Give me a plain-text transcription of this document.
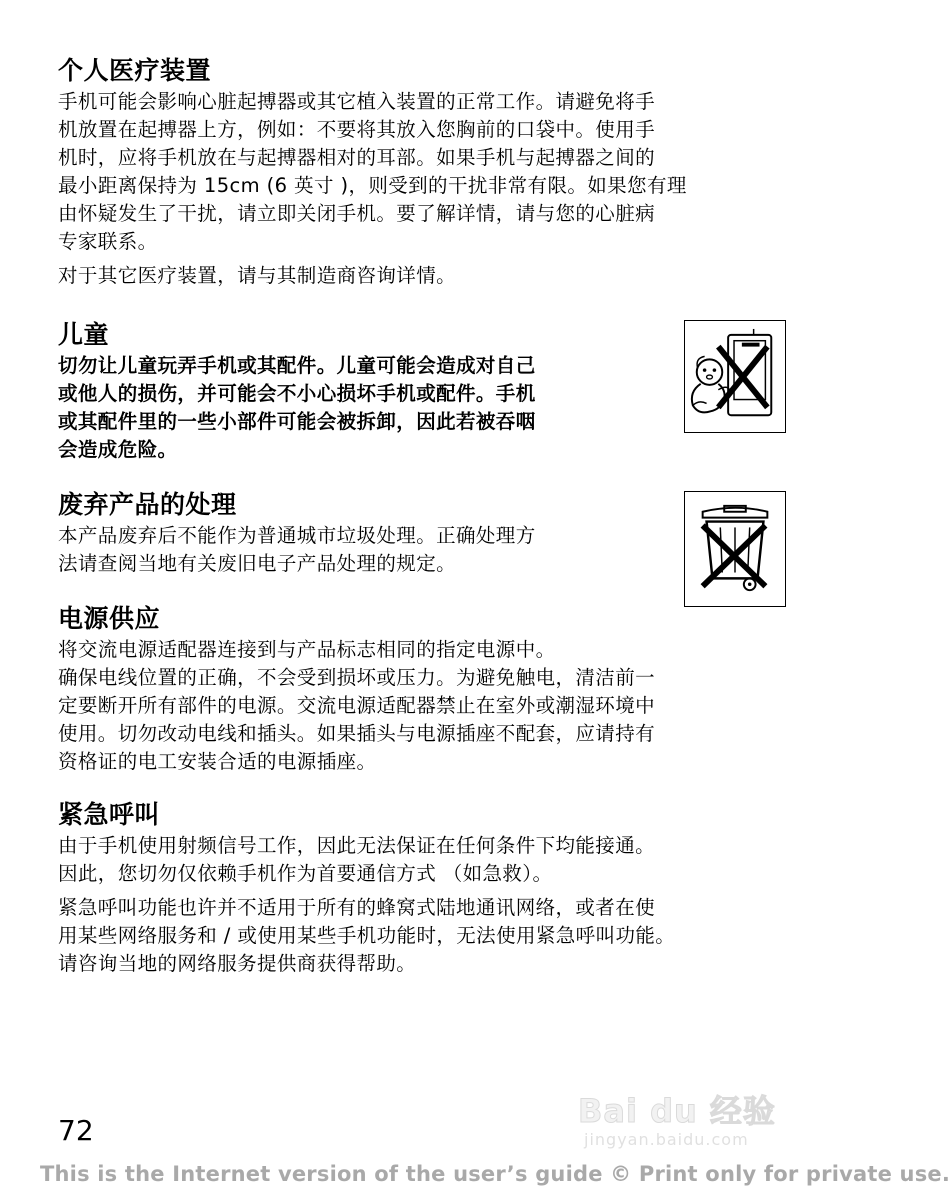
个人医疗装置

手机可能会影响心脏起搏器或其它植入装置的正常工作。请避免将手
机放置在起搏器上方，例如：不要将其放入您胸前的口袋中。使用手
机时，应将手机放在与起搏器相对的耳部。如果手机与起搏器之间的
最小距离保持为 15cm (6 英寸 )，则受到的干扰非常有限。如果您有理
由怀疑发生了干扰，请立即关闭手机。要了解详情，请与您的心脏病
专家联系。

对于其它医疗装置，请与其制造商咨询详情。

儿童

切勿让儿童玩弄手机或其配件。儿童可能会造成对自己
或他人的损伤，并可能会不小心损坏手机或配件。手机
或其配件里的一些小部件可能会被拆卸，因此若被吞咽
会造成危险。

废弃产品的处理

本产品废弃后不能作为普通城市垃圾处理。正确处理方
法请查阅当地有关废旧电子产品处理的规定。

电源供应

将交流电源适配器连接到与产品标志相同的指定电源中。

确保电线位置的正确，不会受到损坏或压力。为避免触电，清洁前一
定要断开所有部件的电源。交流电源适配器禁止在室外或潮湿环境中
使用。切勿改动电线和插头。如果插头与电源插座不配套，应请持有
资格证的电工安装合适的电源插座。

紧急呼叫

由于手机使用射频信号工作，因此无法保证在任何条件下均能接通。
因此，您切勿仅依赖手机作为首要通信方式 （如急救）。

紧急呼叫功能也许并不适用于所有的蜂窝式陆地通讯网络，或者在使
用某些网络服务和 / 或使用某些手机功能时，无法使用紧急呼叫功能。
请咨询当地的网络服务提供商获得帮助。

72
Bai du 经验
jingyan.baidu.com
This is the Internet version of the user’s guide © Print only for private use.
